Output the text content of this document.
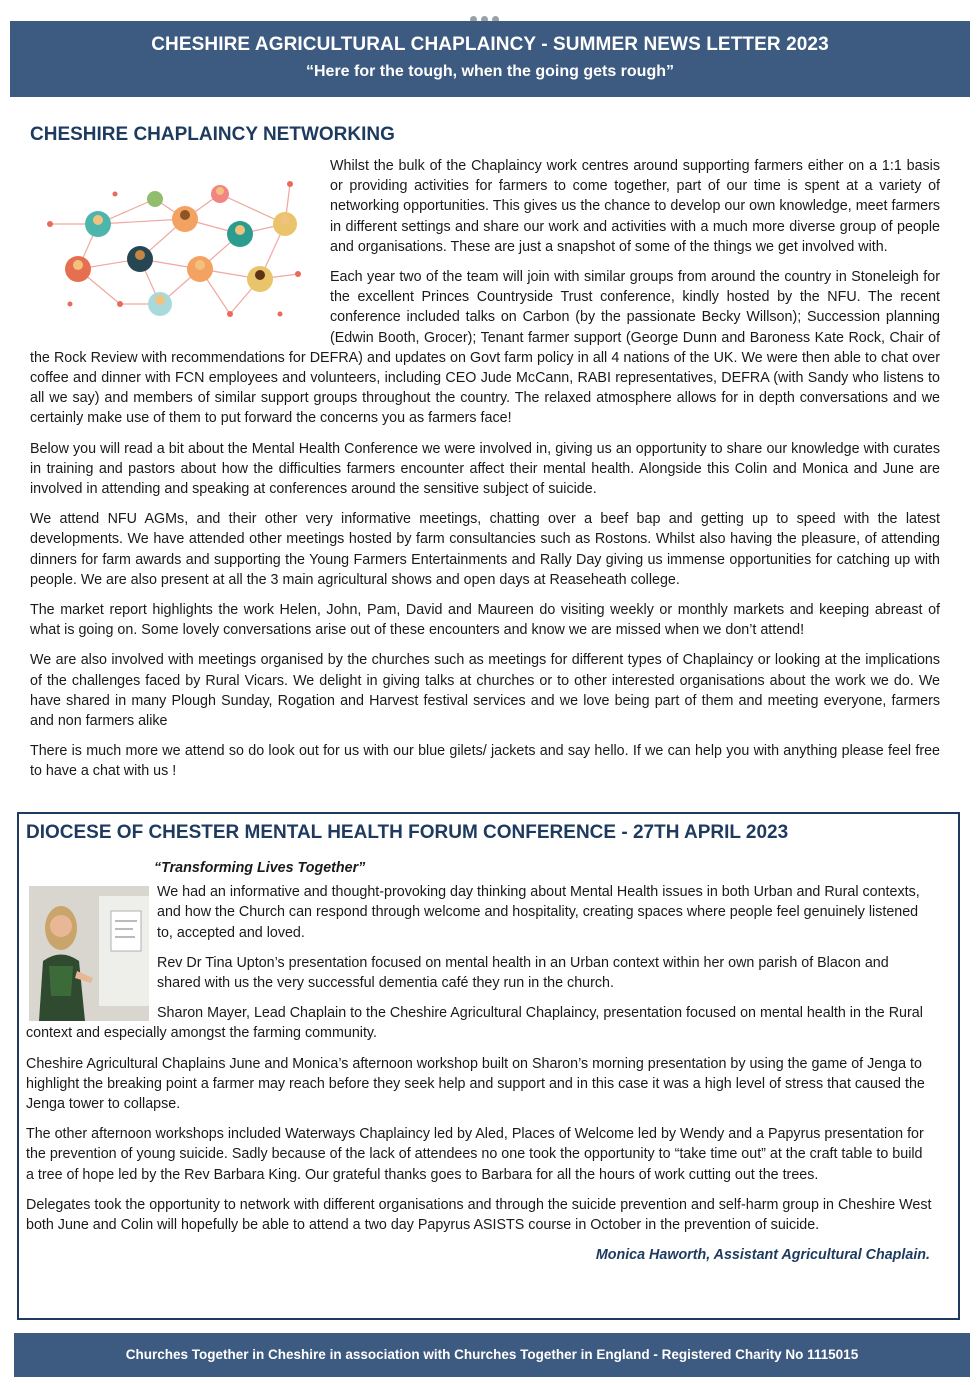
CHESHIRE AGRICULTURAL CHAPLAINCY - SUMMER NEWS LETTER 2023
“Here for the tough, when the going gets rough”
CHESHIRE CHAPLAINCY NETWORKING

Whilst the bulk of the Chaplaincy work centres around supporting farmers either on a 1:1 basis or providing activities for farmers to come together, part of our time is spent at a variety of networking opportunities. This gives us the chance to develop our own knowledge, meet farmers in different settings and share our work and activities with a much more diverse group of people and organisations. These are just a snapshot of some of the things we get involved with.

Each year two of the team will join with similar groups from around the country in Stoneleigh for the excellent Princes Countryside Trust conference, kindly hosted by the NFU. The recent conference included talks on Carbon (by the passionate Becky Willson); Succession planning (Edwin Booth, Grocer); Tenant farmer support (George Dunn and Baroness Kate Rock, Chair of the Rock Review with recommendations for DEFRA) and updates on Govt farm policy in all 4 nations of the UK. We were then able to chat over coffee and dinner with FCN employees and volunteers, including CEO Jude McCann, RABI representatives, DEFRA (with Sandy who listens to all we say) and members of similar support groups throughout the country. The relaxed atmosphere allows for in depth conversations and we certainly make use of them to put forward the concerns you as farmers face!

Below you will read a bit about the Mental Health Conference we were involved in, giving us an opportunity to share our knowledge with curates in training and pastors about how the difficulties farmers encounter affect their mental health. Alongside this Colin and Monica and June are involved in attending and speaking at conferences around the sensitive subject of suicide.

We attend NFU AGMs, and their other very informative meetings, chatting over a beef bap and getting up to speed with the latest developments. We have attended other meetings hosted by farm consultancies such as Rostons. Whilst also having the pleasure, of attending dinners for farm awards and supporting the Young Farmers Entertainments and Rally Day giving us immense opportunities for catching up with people. We are also present at all the 3 main agricultural shows and open days at Reaseheath college.

The market report highlights the work Helen, John, Pam, David and Maureen do visiting weekly or monthly markets and keeping abreast of what is going on. Some lovely conversations arise out of these encounters and know we are missed when we don’t attend!

We are also involved with meetings organised by the churches such as meetings for different types of Chaplaincy or looking at the implications of the challenges faced by Rural Vicars. We delight in giving talks at churches or to other interested organisations about the work we do. We have shared in many Plough Sunday, Rogation and Harvest festival services and we love being part of them and meeting everyone, farmers and non farmers alike

There is much more we attend so do look out for us with our blue gilets/ jackets and say hello. If we can help you with anything please feel free to have a chat with us !

DIOCESE OF CHESTER MENTAL HEALTH FORUM CONFERENCE - 27TH APRIL 2023

“Transforming Lives Together”

We had an informative and thought-provoking day thinking about Mental Health issues in both Urban and Rural contexts, and how the Church can respond through welcome and hospitality, creating spaces where people feel genuinely listened to, accepted and loved.

Rev Dr Tina Upton’s presentation focused on mental health in an Urban context within her own parish of Blacon and shared with us the very successful dementia café they run in the church.

Sharon Mayer, Lead Chaplain to the Cheshire Agricultural Chaplaincy, presentation focused on mental health in the Rural context and especially amongst the farming community.

Cheshire Agricultural Chaplains June and Monica’s afternoon workshop built on Sharon’s morning presentation by using the game of Jenga to highlight the breaking point a farmer may reach before they seek help and support and in this case it was a high level of stress that caused the Jenga tower to collapse.

The other afternoon workshops included Waterways Chaplaincy led by Aled, Places of Welcome led by Wendy and a Papyrus presentation for the prevention of young suicide. Sadly because of the lack of attendees no one took the opportunity to “take time out” at the craft table to build a tree of hope led by the Rev Barbara King. Our grateful thanks goes to Barbara for all the hours of work cutting out the trees.

Delegates took the opportunity to network with different organisations and through the suicide prevention and self-harm group in Cheshire West both June and Colin will hopefully be able to attend a two day Papyrus ASISTS course in October in the prevention of suicide.

Monica Haworth, Assistant Agricultural Chaplain.

Churches Together in Cheshire in association with Churches Together in England - Registered Charity No 1115015
